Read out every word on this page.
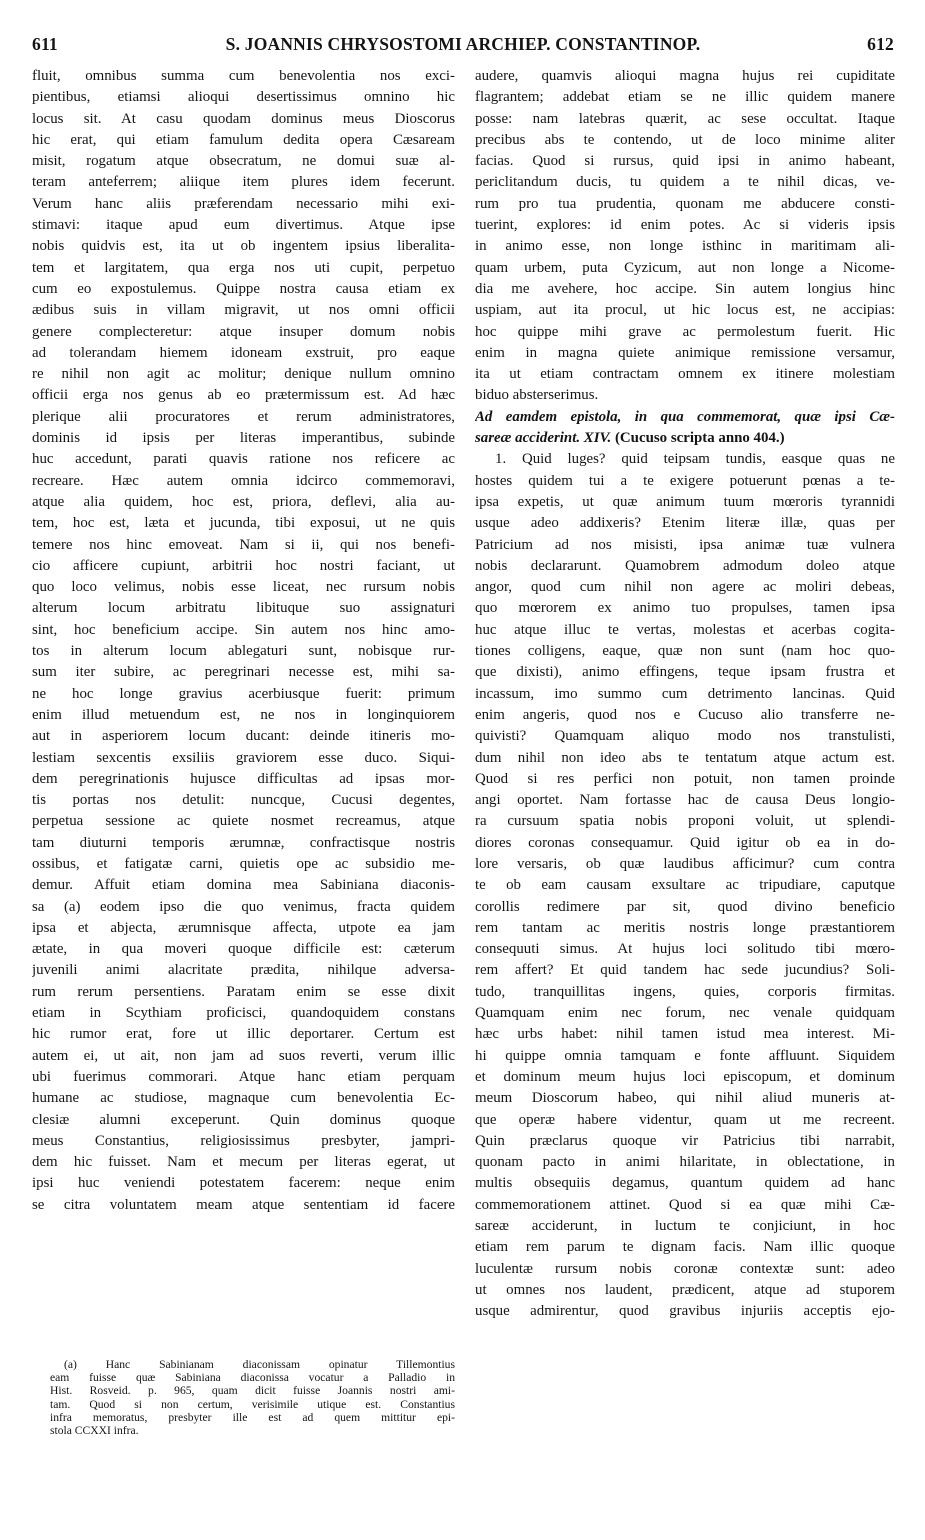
611	S. JOANNIS CHRYSOSTOMI ARCHIEP. CONSTANTINOP.	612
fluit, omnibus summa cum benevolentia nos exci-
pientibus, etiamsi alioqui desertissimus omnino hic
locus sit. At casu quodam dominus meus Dioscorus
hic erat, qui etiam famulum dedita opera Cæsaream
misit, rogatum atque obsecratum, ne domui suæ al-
teram anteferrem; aliique item plures idem fecerunt.
Verum hanc aliis præferendam necessario mihi exi-
stimavi: itaque apud eum divertimus. Atque ipse
nobis quidvis est, ita ut ob ingentem ipsius liberalita-
tem et largitatem, qua erga nos uti cupit, perpetuo
cum eo expostulemus. Quippe nostra causa etiam ex
ædibus suis in villam migravit, ut nos omni officii
genere complecteretur: atque insuper domum nobis
ad tolerandam hiemem idoneam exstruit, pro eaque
re nihil non agit ac molitur; denique nullum omnino
officii erga nos genus ab eo prætermissum est. Ad hæc
plerique alii procuratores et rerum administratores,
dominis id ipsis per literas imperantibus, subinde
huc accedunt, parati quavis ratione nos reficere ac
recreare. Hæc autem omnia idcirco commemoravi,
atque alia quidem, hoc est, priora, deflevi, alia au-
tem, hoc est, læta et jucunda, tibi exposui, ut ne quis
temere nos hinc emoveat. Nam si ii, qui nos benefi-
cio afficere cupiunt, arbitrii hoc nostri faciant, ut
quo loco velimus, nobis esse liceat, nec rursum nobis
alterum locum arbitratu libituque suo assignaturi
sint, hoc beneficium accipe. Sin autem nos hinc amo-
tos in alterum locum ablegaturi sunt, nobisque rur-
sum iter subire, ac peregrinari necesse est, mihi sa-
ne hoc longe gravius acerbiusque fuerit: primum
enim illud metuendum est, ne nos in longinquiorem
aut in asperiorem locum ducant: deinde itineris mo-
lestiam sexcentis exsiliis graviorem esse duco. Siqui-
dem peregrinationis hujusce difficultas ad ipsas mor-
tis portas nos detulit: nuncque, Cucusi degentes,
perpetua sessione ac quiete nosmet recreamus, atque
tam diuturni temporis ærumnæ, confractisque nostris
ossibus, et fatigatæ carni, quietis ope ac subsidio me-
demur. Affuit etiam domina mea Sabiniana diaconis-
sa (a) eodem ipso die quo venimus, fracta quidem
ipsa et abjecta, ærumnisque affecta, utpote ea jam
ætate, in qua moveri quoque difficile est: cæterum
juvenili animi alacritate prædita, nihilque adversa-
rum rerum persentiens. Paratam enim se esse dixit
etiam in Scythiam proficisci, quandoquidem constans
hic rumor erat, fore ut illic deportarer. Certum est
autem ei, ut ait, non jam ad suos reverti, verum illic
ubi fuerimus commorari. Atque hanc etiam perquam
humane ac studiose, magnaque cum benevolentia Ec-
clesiæ alumni exceperunt. Quin dominus quoque
meus Constantius, religiosissimus presbyter, jampri-
dem hic fuisset. Nam et mecum per literas egerat, ut
ipsi huc veniendi potestatem facerem: neque enim
se citra voluntatem meam atque sententiam id facere
(a) Hanc Sabinianam diaconissam opinatur Tillemontius
eam fuisse quæ Sabiniana diaconissa vocatur a Palladio in
Hist. Rosveid. p. 965, quam dicit fuisse Joannis nostri ami-
tam. Quod si non certum, verisimile utique est. Constantius
infra memoratus, presbyter ille est ad quem mittitur epi-
stola CCXXI infra.
audere, quamvis alioqui magna hujus rei cupiditate
flagrantem; addebat etiam se ne illic quidem manere
posse: nam latebras quærit, ac sese occultat. Itaque
precibus abs te contendo, ut de loco minime aliter
facias. Quod si rursus, quid ipsi in animo habeant,
periclitandum ducis, tu quidem a te nihil dicas, ve-
rum pro tua prudentia, quonam me abducere consti-
tuerint, explores: id enim potes. Ac si videris ipsis
in animo esse, non longe isthinc in maritimam ali-
quam urbem, puta Cyzicum, aut non longe a Nicome-
dia me avehere, hoc accipe. Sin autem longius hinc
uspiam, aut ita procul, ut hic locus est, ne accipias:
hoc quippe mihi grave ac permolestum fuerit. Hic
enim in magna quiete animique remissione versamur,
ita ut etiam contractam omnem ex itinere molestiam
biduo absterserimus.
Ad eamdem epistola, in qua commemorat, quæ ipsi Cæ-
sareæ acciderint. XIV. (Cucuso scripta anno 404.)
1. Quid luges? quid teipsam tundis, easque quas ne
hostes quidem tui a te exigere potuerunt pœnas a te-
ipsa expetis, ut quæ animum tuum mœroris tyrannidi
usque adeo addixeris? Etenim literæ illæ, quas per
Patricium ad nos misisti, ipsa animæ tuæ vulnera
nobis declararunt. Quamobrem admodum doleo atque
angor, quod cum nihil non agere ac moliri debeas,
quo mœrorem ex animo tuo propulses, tamen ipsa
huc atque illuc te vertas, molestas et acerbas cogita-
tiones colligens, eaque, quæ non sunt (nam hoc quo-
que dixisti), animo effingens, teque ipsam frustra et
incassum, imo summo cum detrimento lancinas. Quid
enim angeris, quod nos e Cucuso alio transferre ne-
quivisti? Quamquam aliquo modo nos transtulisti,
dum nihil non ideo abs te tentatum atque actum est.
Quod si res perfici non potuit, non tamen proinde
angi oportet. Nam fortasse hac de causa Deus longio-
ra cursuum spatia nobis proponi voluit, ut splendi-
diores coronas consequamur. Quid igitur ob ea in do-
lore versaris, ob quæ laudibus afficimur? cum contra
te ob eam causam exsultare ac tripudiare, caputque
corollis redimere par sit, quod divino beneficio
rem tantam ac meritis nostris longe præstantiorem
consequuti simus. At hujus loci solitudo tibi mœro-
rem affert? Et quid tandem hac sede jucundius? Soli-
tudo, tranquillitas ingens, quies, corporis firmitas.
Quamquam enim nec forum, nec venale quidquam
hæc urbs habet: nihil tamen istud mea interest. Mi-
hi quippe omnia tamquam e fonte affluunt. Siquidem
et dominum meum hujus loci episcopum, et dominum
meum Dioscorum habeo, qui nihil aliud muneris at-
que operæ habere videntur, quam ut me recreent.
Quin præclarus quoque vir Patricius tibi narrabit,
quonam pacto in animi hilaritate, in oblectatione, in
multis obsequiis degamus, quantum quidem ad hanc
commemorationem attinet. Quod si ea quæ mihi Cæ-
sareæ acciderunt, in luctum te conjiciunt, in hoc
etiam rem parum te dignam facis. Nam illic quoque
luculentæ rursum nobis coronæ contextæ sunt: adeo
ut omnes nos laudent, prædicent, atque ad stuporem
usque admirentur, quod gravibus injuriis acceptis ejo-
